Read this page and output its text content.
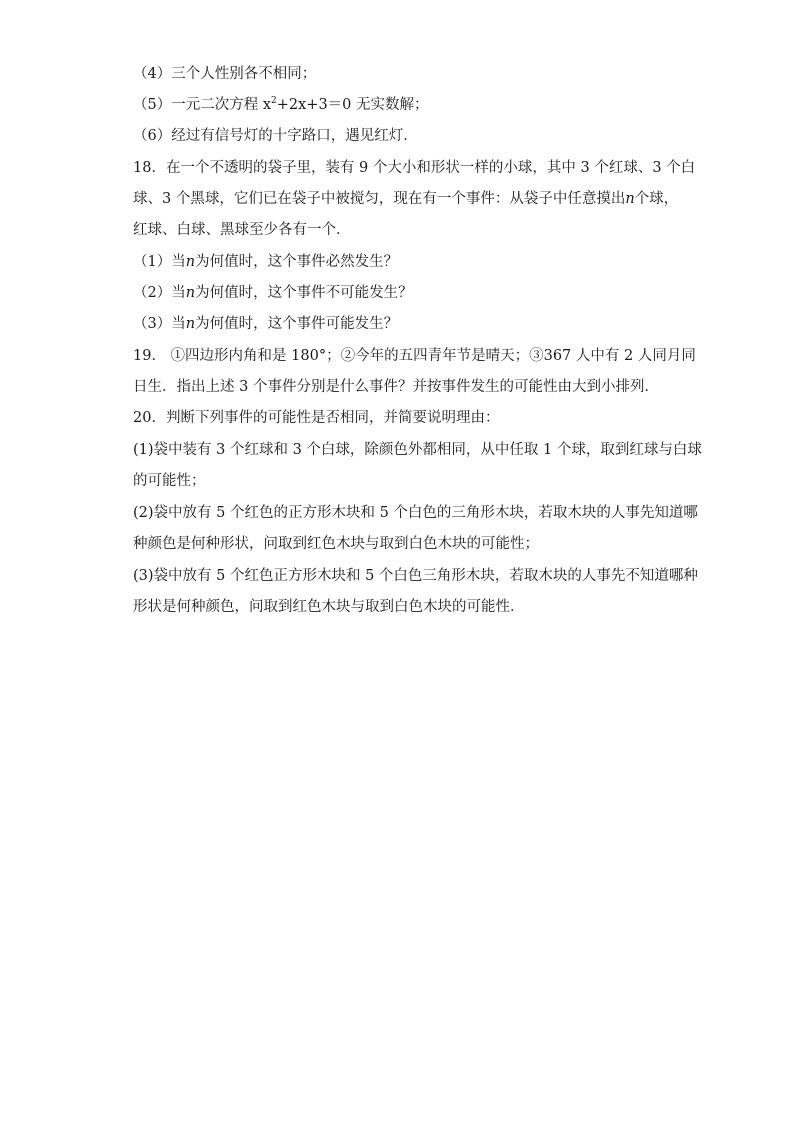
（4）三个人性别各不相同；
（5）一元二次方程 $x^2+2x+3=0$ 无实数解；
（6）经过有信号灯的十字路口，遇见红灯．
18．在一个不透明的袋子里，装有 9 个大小和形状一样的小球，其中 3 个红球、3 个白
球、3 个黑球，它们已在袋子中被搅匀，现在有一个事件：从袋子中任意摸出n个球，
红球、白球、黑球至少各有一个．
（1）当n为何值时，这个事件必然发生？
（2）当n为何值时，这个事件不可能发生？
（3）当n为何值时，这个事件可能发生？
19． ①四边形内角和是 180°；②今年的五四青年节是晴天；③367 人中有 2 人同月同
日生．指出上述 3 个事件分别是什么事件？并按事件发生的可能性由大到小排列．
20．判断下列事件的可能性是否相同，并简要说明理由：
(1)袋中装有 3 个红球和 3 个白球，除颜色外都相同，从中任取 1 个球，取到红球与白球
的可能性；
(2)袋中放有 5 个红色的正方形木块和 5 个白色的三角形木块，若取木块的人事先知道哪
种颜色是何种形状，问取到红色木块与取到白色木块的可能性；
(3)袋中放有 5 个红色正方形木块和 5 个白色三角形木块，若取木块的人事先不知道哪种
形状是何种颜色，问取到红色木块与取到白色木块的可能性．
